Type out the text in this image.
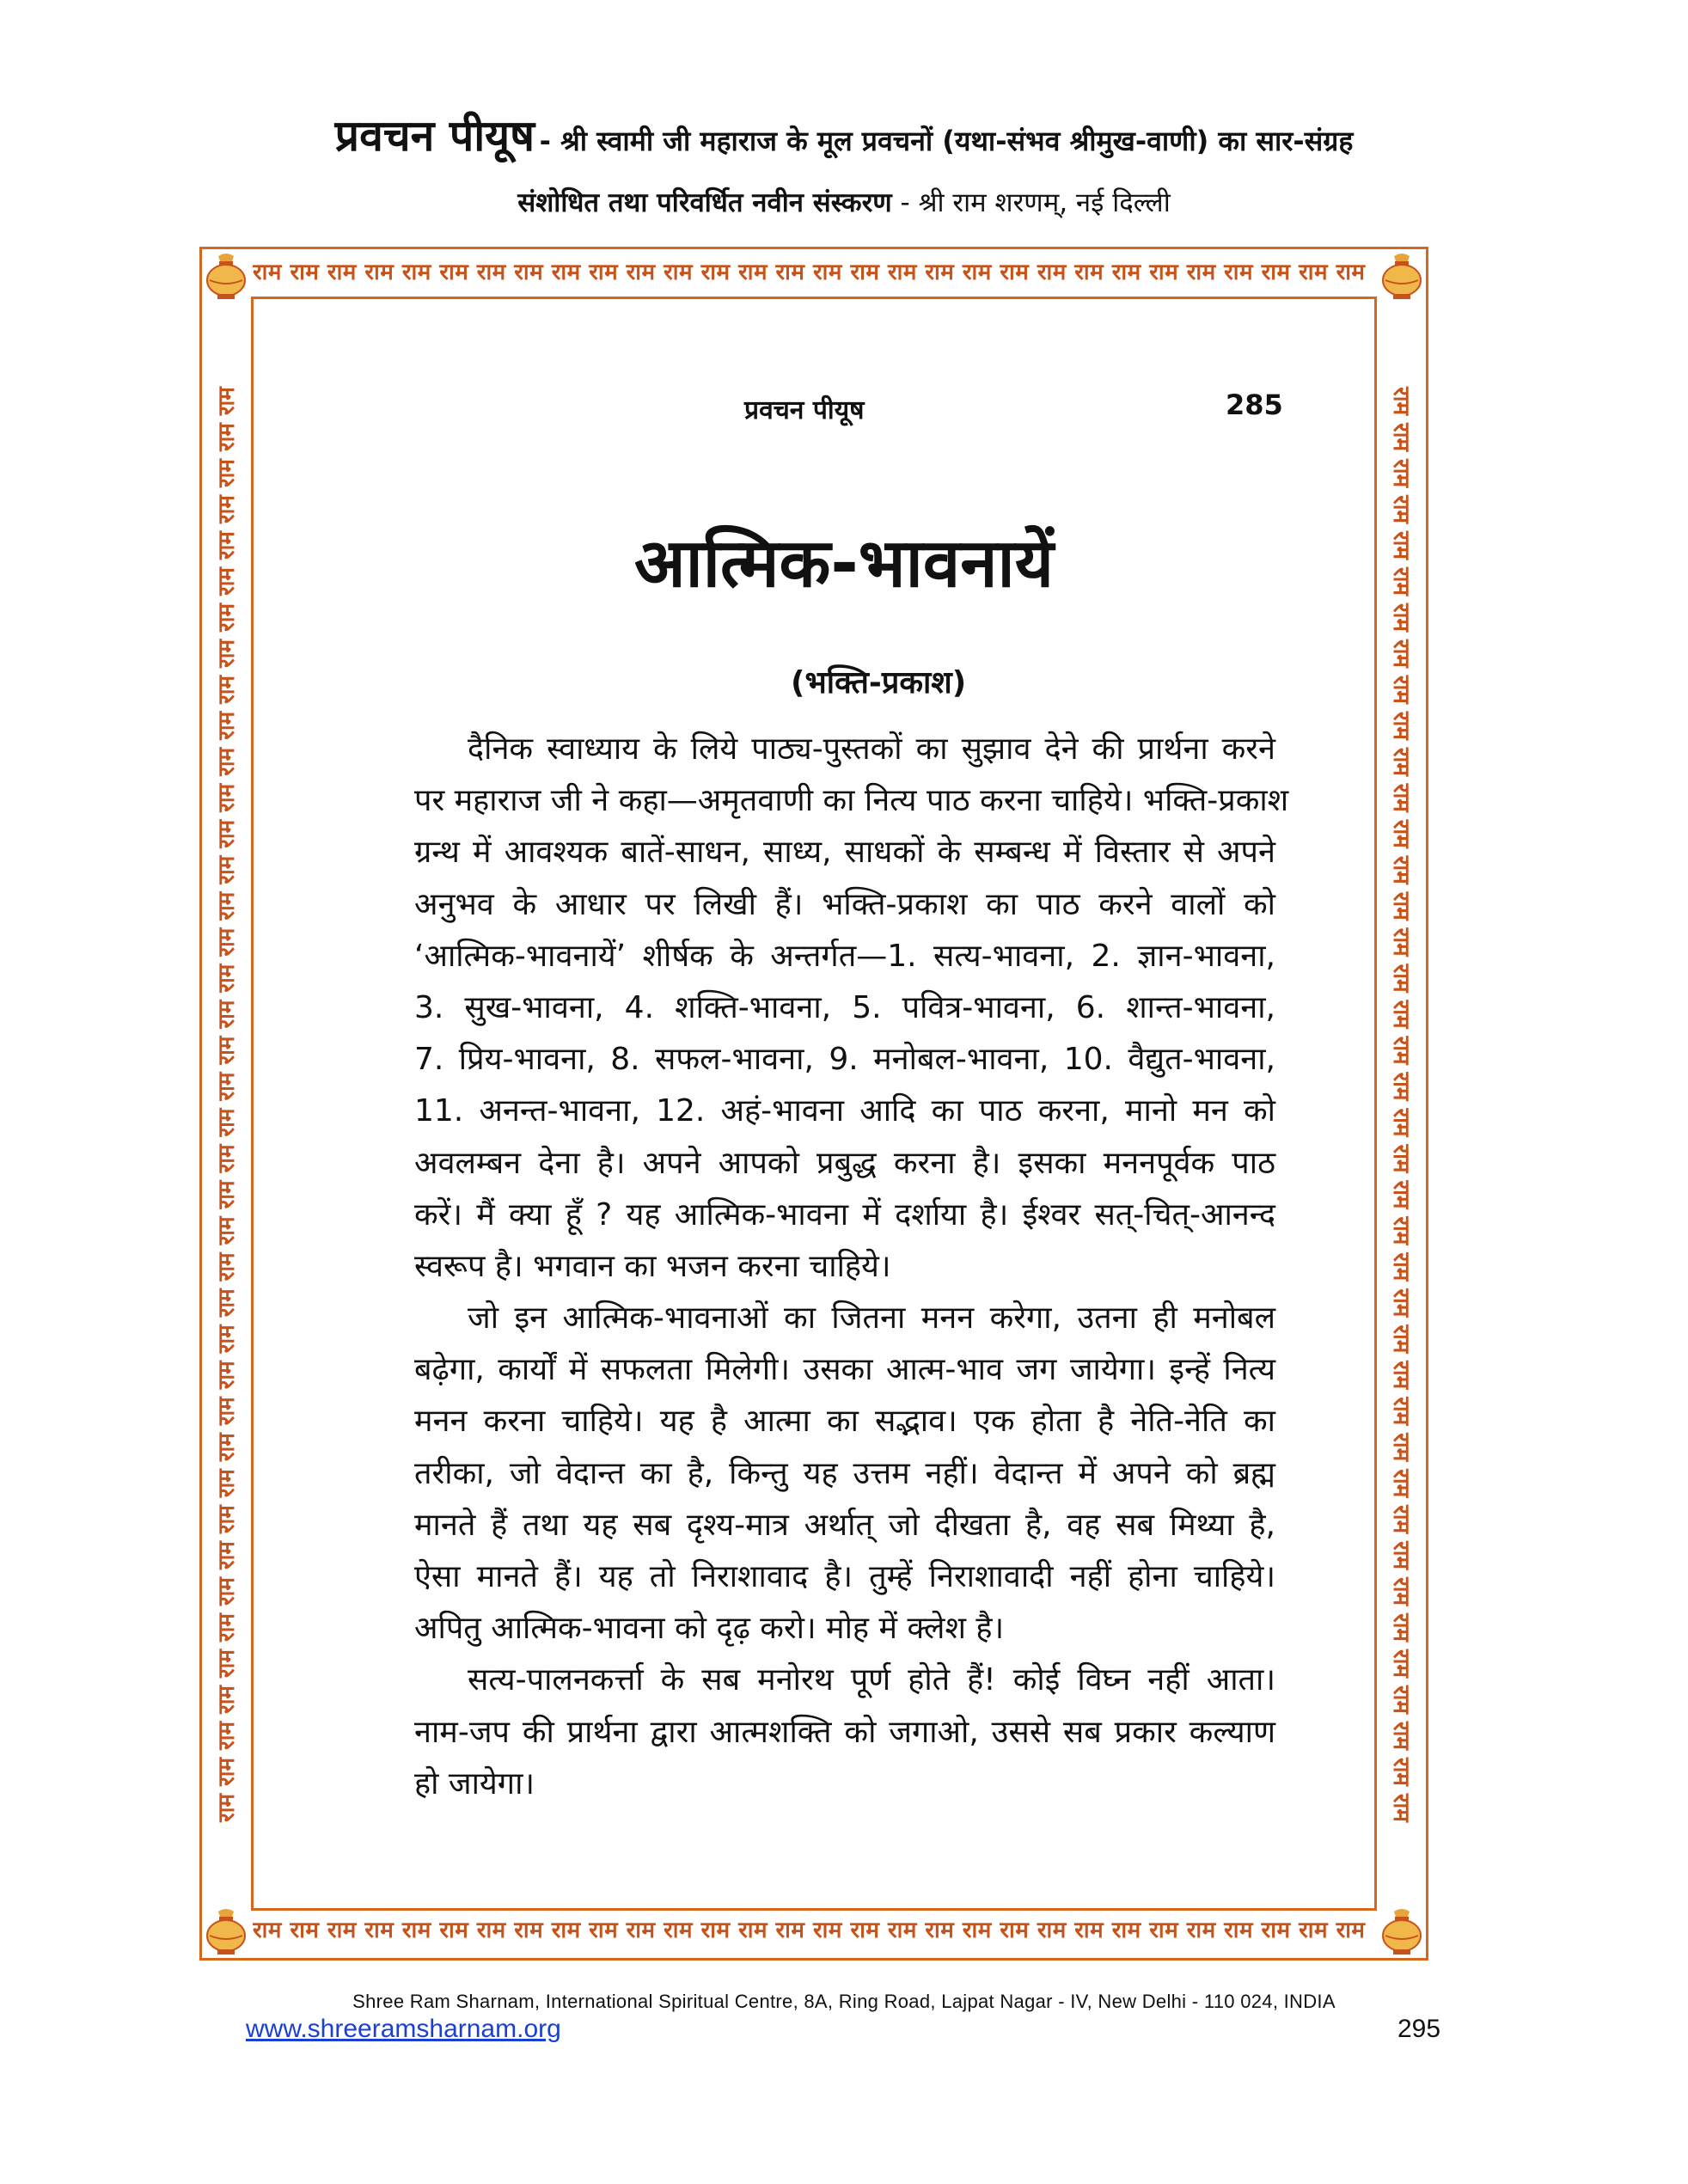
प्रवचन पीयूष - श्री स्वामी जी महाराज के मूल प्रवचनों (यथा-संभव श्रीमुख-वाणी) का सार-संग्रह
संशोधित तथा परिवर्धित नवीन संस्करण - श्री राम शरणम्, नई दिल्ली
राम राम राम राम राम राम राम राम राम राम राम राम राम राम राम राम राम राम राम राम राम राम राम राम राम राम राम राम राम राम
राम राम राम राम राम राम राम राम राम राम राम राम राम राम राम राम राम राम राम राम राम राम राम राम राम राम राम राम राम राम
राम राम राम राम राम राम राम राम राम राम राम राम राम राम राम राम राम राम राम राम राम राम राम राम राम राम राम राम राम राम राम राम राम राम राम राम राम राम राम राम	राम राम राम राम राम राम राम राम राम राम राम राम राम राम राम राम राम राम राम राम राम राम राम राम राम राम राम राम राम राम राम राम राम राम राम राम राम राम राम राम
प्रवचन पीयूष	285
आत्मिक-भावनायें
(भक्ति-प्रकाश)
दैनिक स्वाध्याय के लिये पाठ्य-पुस्तकों का सुझाव देने की प्रार्थना करने
पर महाराज जी ने कहा—अमृतवाणी का नित्य पाठ करना चाहिये। भक्ति-प्रकाश
ग्रन्थ में आवश्यक बातें-साधन, साध्य, साधकों के सम्बन्ध में विस्तार से अपने
अनुभव के आधार पर लिखी हैं। भक्ति-प्रकाश का पाठ करने वालों को
‘आत्मिक-भावनायें’ शीर्षक के अन्तर्गत—1. सत्य-भावना, 2. ज्ञान-भावना,
3. सुख-भावना, 4. शक्ति-भावना, 5. पवित्र-भावना, 6. शान्त-भावना,
7. प्रिय-भावना, 8. सफल-भावना, 9. मनोबल-भावना, 10. वैद्युत-भावना,
11. अनन्त-भावना, 12. अहं-भावना आदि का पाठ करना, मानो मन को
अवलम्बन देना है। अपने आपको प्रबुद्ध करना है। इसका मननपूर्वक पाठ
करें। मैं क्या हूँ ? यह आत्मिक-भावना में दर्शाया है। ईश्वर सत्-चित्-आनन्द
स्वरूप है। भगवान का भजन करना चाहिये।
जो इन आत्मिक-भावनाओं का जितना मनन करेगा, उतना ही मनोबल
बढ़ेगा, कार्यों में सफलता मिलेगी। उसका आत्म-भाव जग जायेगा। इन्हें नित्य
मनन करना चाहिये। यह है आत्मा का सद्भाव। एक होता है नेति-नेति का
तरीका, जो वेदान्त का है, किन्तु यह उत्तम नहीं। वेदान्त में अपने को ब्रह्म
मानते हैं तथा यह सब दृश्य-मात्र अर्थात् जो दीखता है, वह सब मिथ्या है,
ऐसा मानते हैं। यह तो निराशावाद है। तुम्हें निराशावादी नहीं होना चाहिये।
अपितु आत्मिक-भावना को दृढ़ करो। मोह में क्लेश है।
सत्य-पालनकर्त्ता के सब मनोरथ पूर्ण होते हैं! कोई विघ्न नहीं आता।
नाम-जप की प्रार्थना द्वारा आत्मशक्ति को जगाओ, उससे सब प्रकार कल्याण
हो जायेगा।
Shree Ram Sharnam, International Spiritual Centre, 8A, Ring Road, Lajpat Nagar - IV, New Delhi - 110 024, INDIA
www.shreeramsharnam.org	295
